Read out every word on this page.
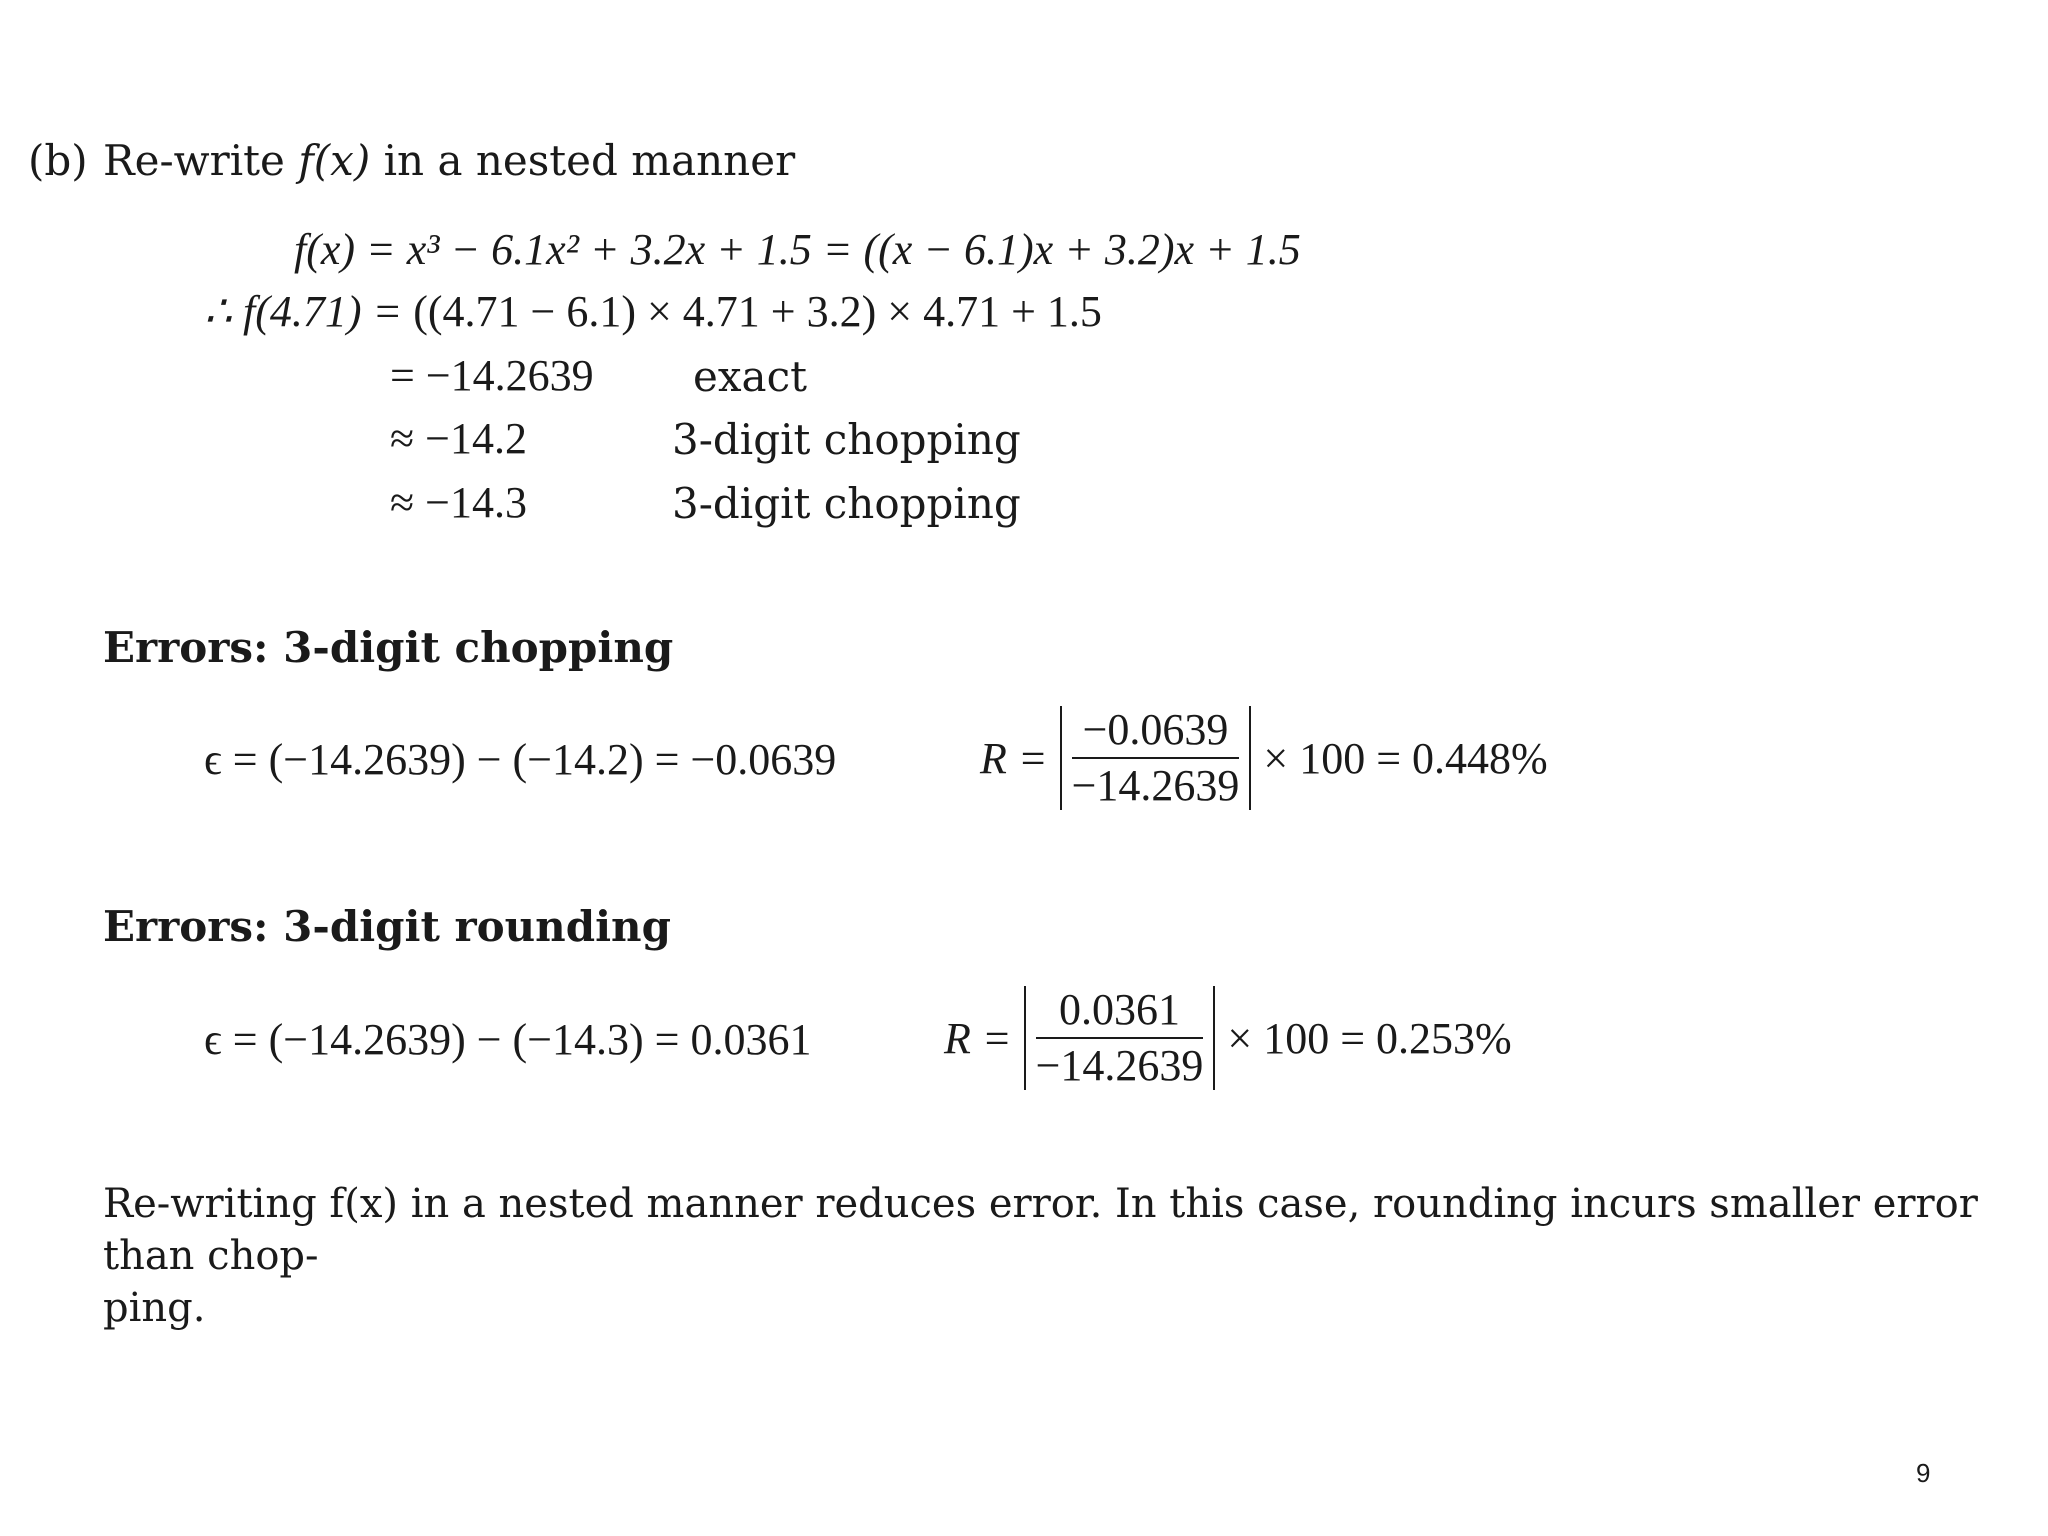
(b) Re-write f(x) in a nested manner
f(x) = x³ − 6.1x² + 3.2x + 1.5 = ((x − 6.1)x + 3.2)x + 1.5
∴ f(4.71) = ((4.71 − 6.1) × 4.71 + 3.2) × 4.71 + 1.5
= −14.2639 exact
≈ −14.2	3-digit chopping
≈ −14.3	3-digit chopping
Errors: 3-digit chopping
ϵ = (−14.2639) − (−14.2) = −0.0639	$R = \frac{-0.0639}{-14.2639} \times 100 = 0.448\%$
Errors: 3-digit rounding
ϵ = (−14.2639) − (−14.3) = 0.0361	$R = \frac{0.0361}{-14.2639} \times 100 = 0.253\%$
Re-writing f(x) in a nested manner reduces error. In this case, rounding incurs smaller error than chop-
ping.
9
